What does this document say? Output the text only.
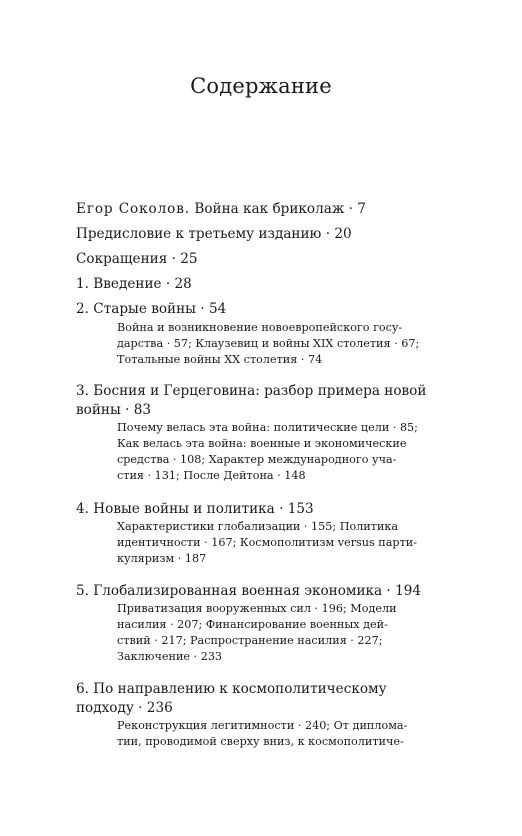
Содержание
Егор Соколов. Война как бриколаж · 7
Предисловие к третьему изданию · 20
Сокращения · 25
1. Введение · 28
2. Старые войны · 54
Война и возникновение новоевропейского госу-
дарства · 57; Клаузевиц и войны XIX столетия · 67;
Тотальные войны XX столетия · 74
3. Босния и Герцеговина: разбор примера новой
войны · 83
Почему велась эта война: политические цели · 85;
Как велась эта война: военные и экономические
средства · 108; Характер международного уча-
стия · 131; После Дейтона · 148
4. Новые войны и политика · 153
Характеристики глобализации · 155; Политика
идентичности · 167; Космополитизм versus парти-
куляризм · 187
5. Глобализированная военная экономика · 194
Приватизация вооруженных сил · 196; Модели
насилия · 207; Финансирование военных дей-
ствий · 217; Распространение насилия · 227;
Заключение · 233
6. По направлению к космополитическому
подходу · 236
Реконструкция легитимности · 240; От диплома-
тии, проводимой сверху вниз, к космополитиче-
